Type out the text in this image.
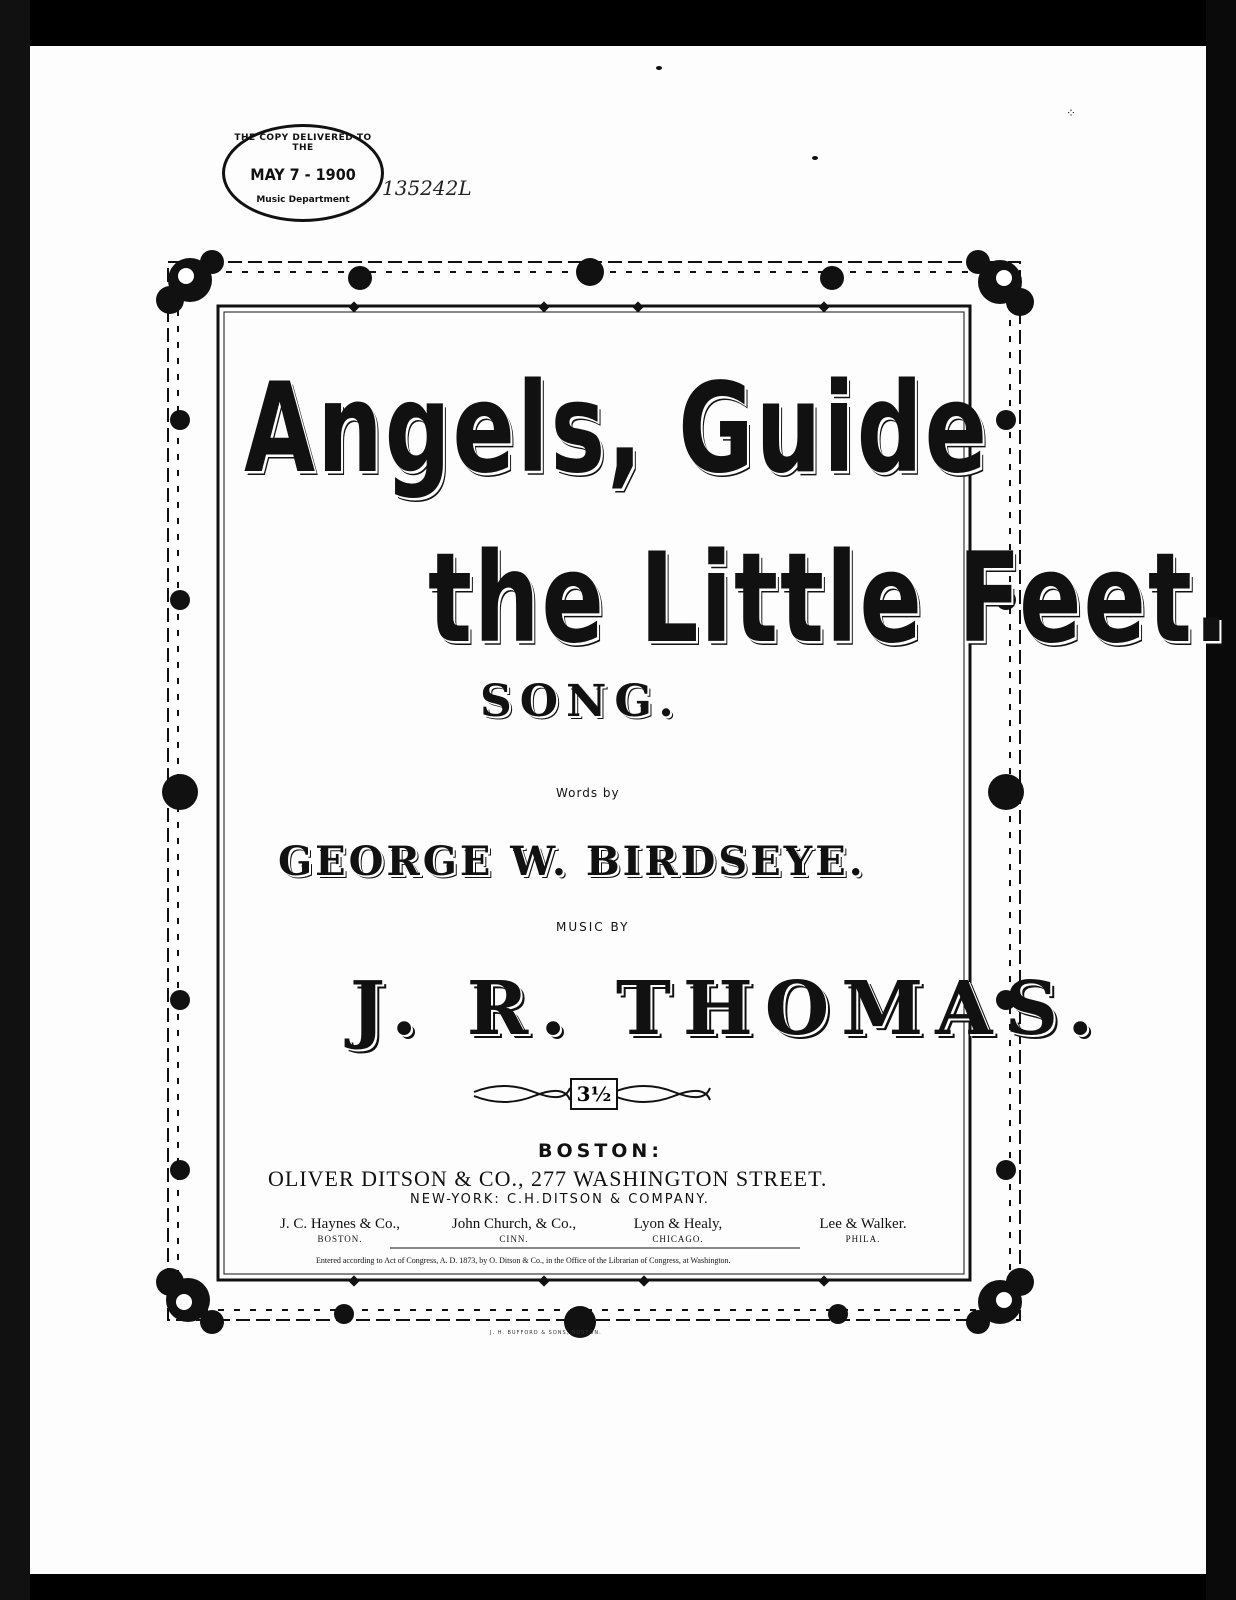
THE COPY DELIVERED TO THE
MAY 7 - 1900
Music Department	135242L
⁘
Angels, Guide
the Little Feet.
SONG.
Words by
GEORGE W. BIRDSEYE.
MUSIC BY
J. R. THOMAS.
3½
BOSTON:
OLIVER DITSON & CO., 277 WASHINGTON STREET.
NEW-YORK: C.H.DITSON & COMPANY.
J. C. Haynes & Co.,
BOSTON.
John Church, & Co.,
CINN.
Lyon & Healy,
CHICAGO.
Lee & Walker.
PHILA.
Entered according to Act of Congress, A. D. 1873, by O. Ditson & Co., in the Office of the Librarian of Congress, at Washington.
J. H. BUFFORD & SONS, BOSTON.
